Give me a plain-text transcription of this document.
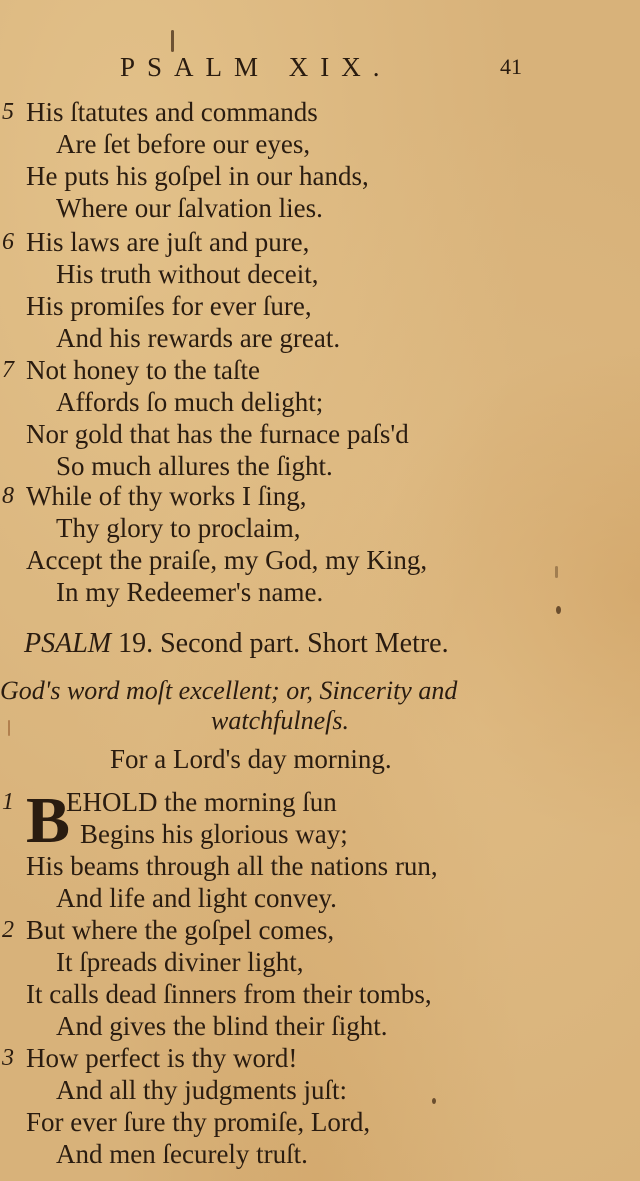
PSALM XIX.	41
5 His ſtatutes and commands
Are ſet before our eyes,
He puts his goſpel in our hands,
Where our ſalvation lies.
6 His laws are juſt and pure,
His truth without deceit,
His promiſes for ever ſure,
And his rewards are great.
7 Not honey to the taſte
Affords ſo much delight;
Nor gold that has the furnace paſs'd
So much allures the ſight.
8 While of thy works I ſing,
Thy glory to proclaim,
Accept the praiſe, my God, my King,
In my Redeemer's name.
PSALM 19. Second part. Short Metre.
God's word moſt excellent; or, Sincerity and
watchfulneſs.
For a Lord's day morning.
B
1 EHOLD the morning ſun
Begins his glorious way;
His beams through all the nations run,
And life and light convey.
2 But where the goſpel comes,
It ſpreads diviner light,
It calls dead ſinners from their tombs,
And gives the blind their ſight.
3 How perfect is thy word!
And all thy judgments juſt:
For ever ſure thy promiſe, Lord,
And men ſecurely truſt.
